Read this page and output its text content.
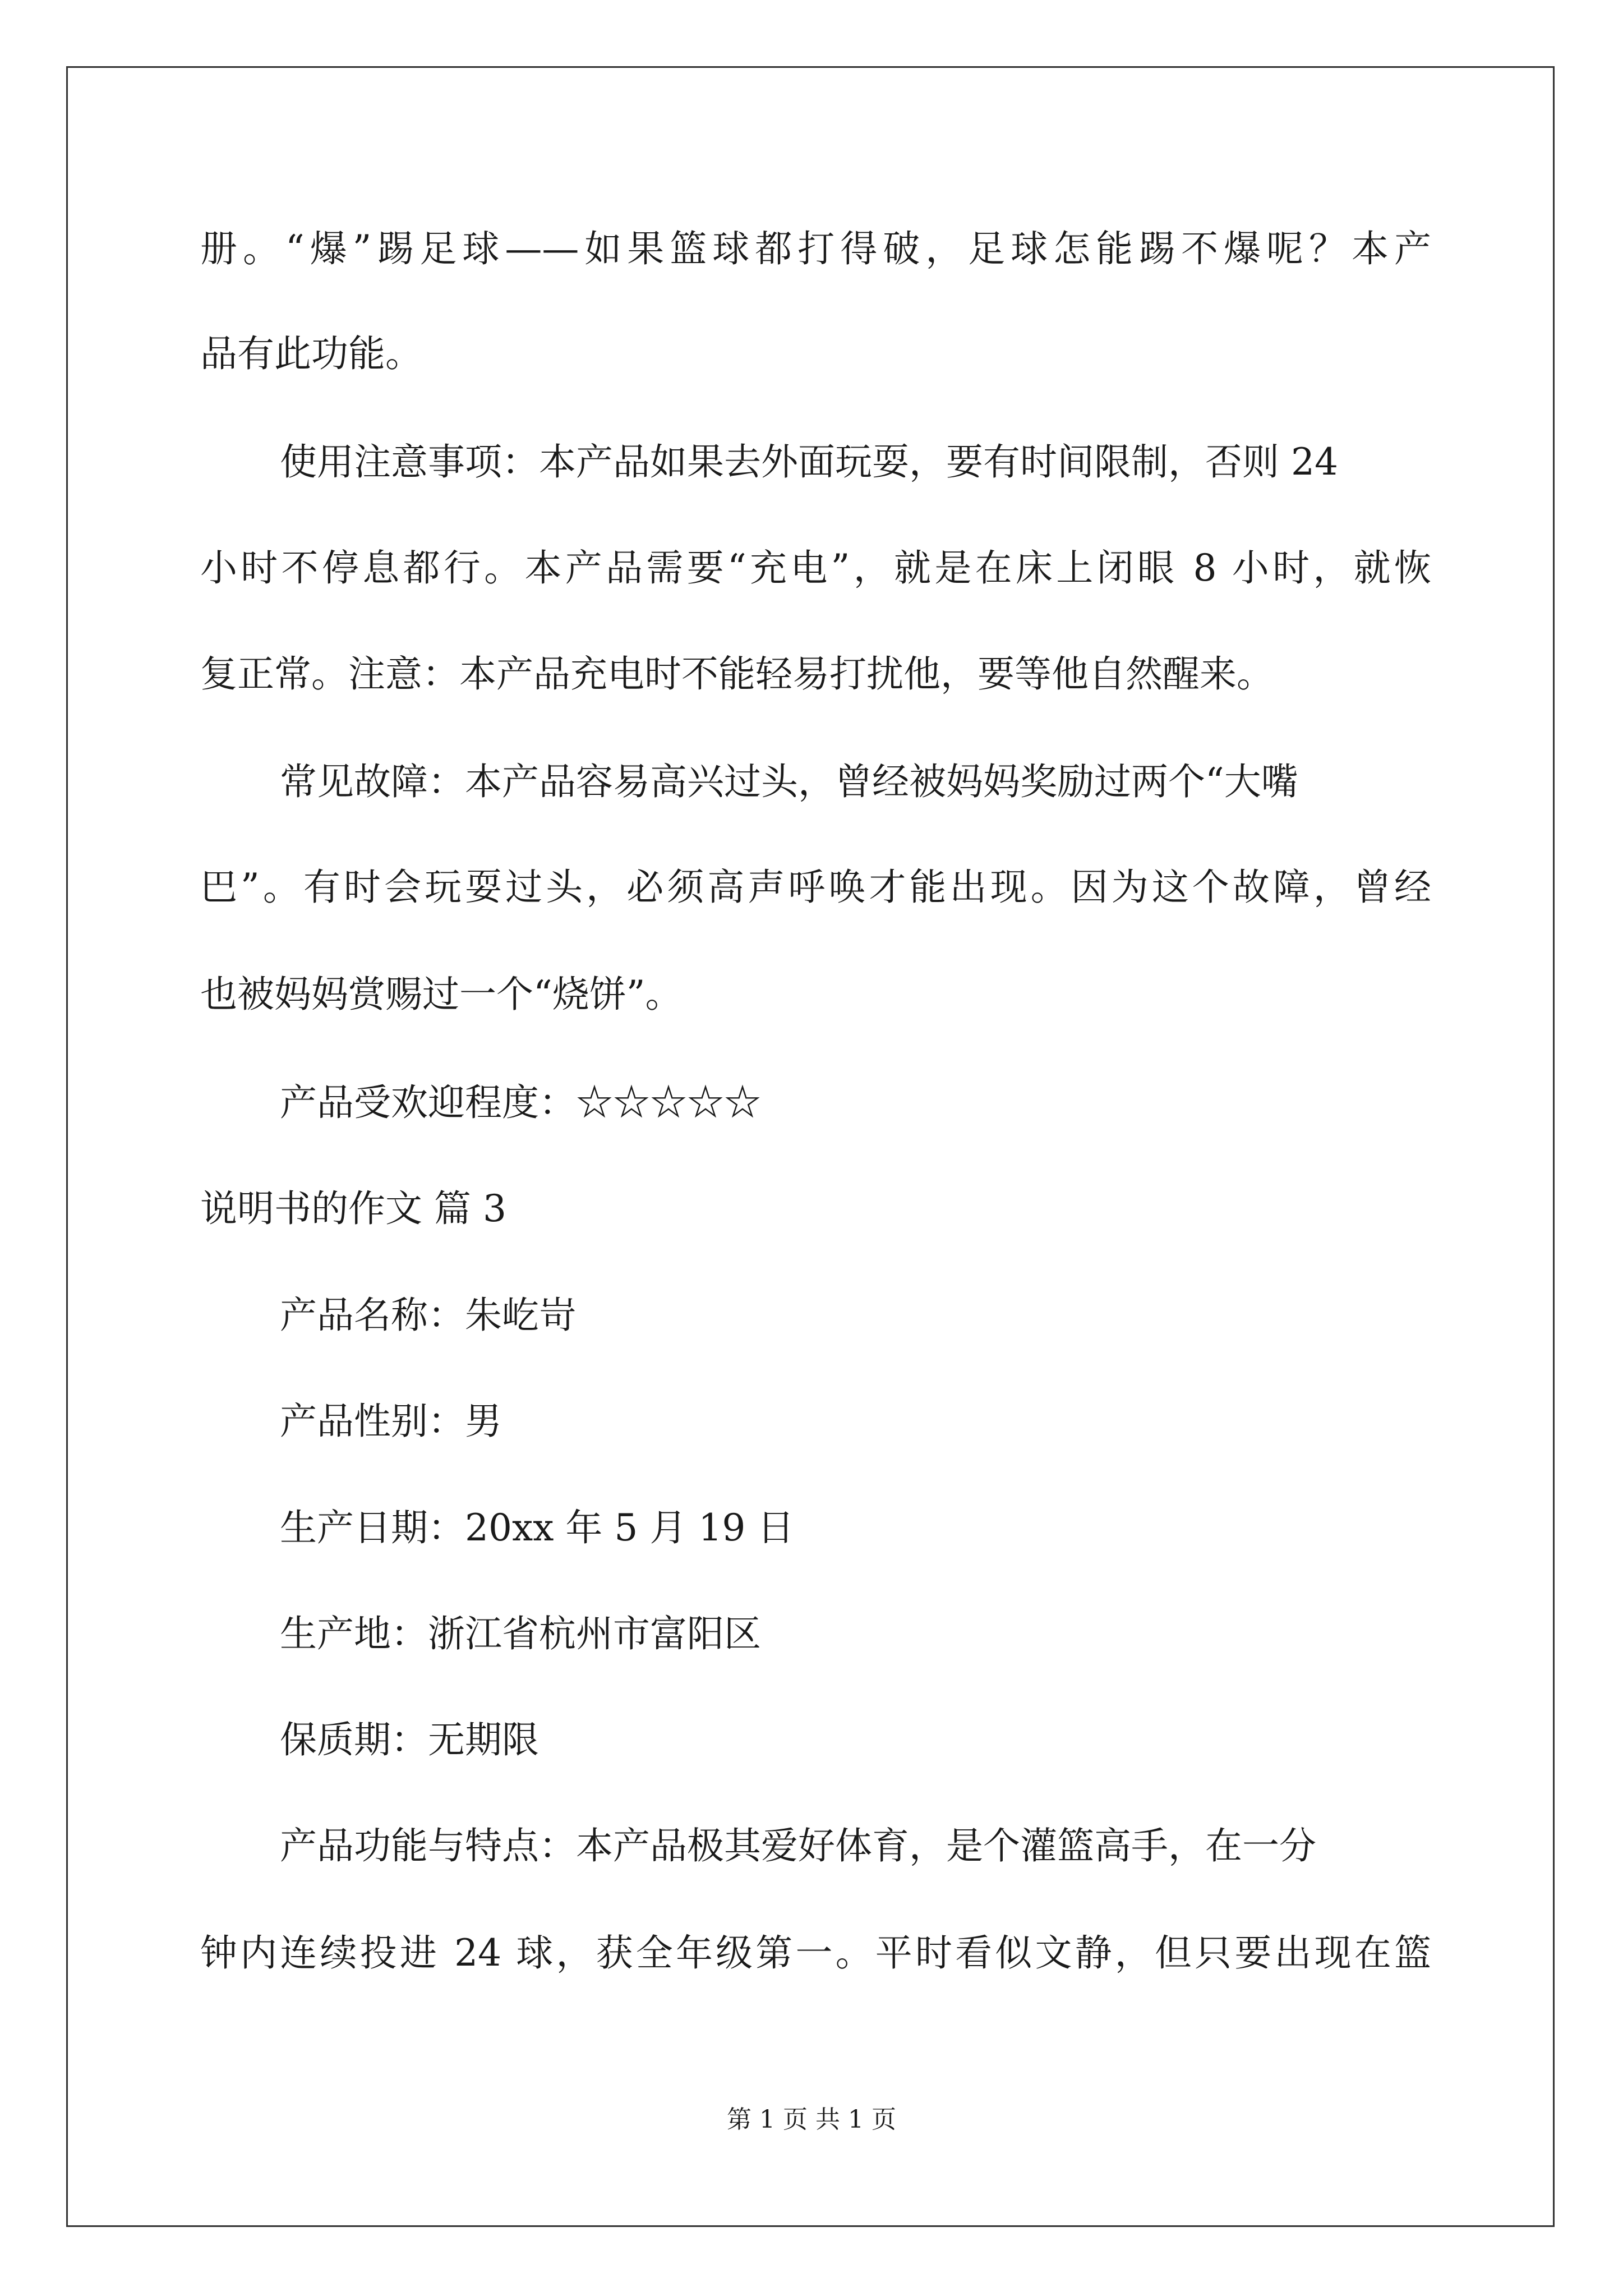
册。“爆”踢足球——如果篮球都打得破，足球怎能踢不爆呢？本产
品有此功能。
使用注意事项：本产品如果去外面玩耍，要有时间限制，否则 24
小时不停息都行。本产品需要“充电”，就是在床上闭眼 8 小时，就恢
复正常。注意：本产品充电时不能轻易打扰他，要等他自然醒来。
常见故障：本产品容易高兴过头，曾经被妈妈奖励过两个“大嘴
巴”。有时会玩耍过头，必须高声呼唤才能出现。因为这个故障，曾经
也被妈妈赏赐过一个“烧饼”。
产品受欢迎程度：☆☆☆☆☆
说明书的作文 篇 3
产品名称：朱屹岢
产品性别：男
生产日期：20xx 年 5 月 19 日
生产地：浙江省杭州市富阳区
保质期：无期限
产品功能与特点：本产品极其爱好体育，是个灌篮高手，在一分
钟内连续投进 24 球，获全年级第一。平时看似文静，但只要出现在篮
第 1 页 共 1 页
